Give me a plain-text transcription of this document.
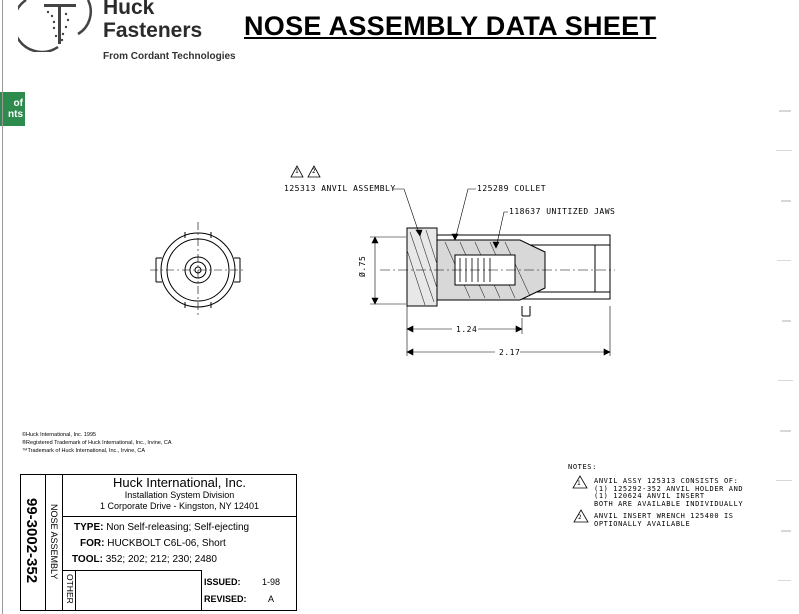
Huck
Fasteners
From Cordant Technologies
NOSE ASSEMBLY DATA SHEET
of
nts
1 2
125313 ANVIL ASSEMBLY	125289 COLLET
118637 UNITIZED JAWS
Ø.75
1.24
2.17
©Huck International, Inc. 1995
®Registered Trademark of Huck International, Inc., Irvine, CA
™Trademark of Huck International, Inc., Irvine, CA
99-3002-352 NOSE ASSEMBLY
OTHER
Huck International, Inc.
Installation System Division
1 Corporate Drive - Kingston, NY 12401
TYPE: Non Self-releasing; Self-ejecting
FOR: HUCKBOLT C6L-06, Short
TOOL: 352; 202; 212; 230; 2480
ISSUED: 1-98
REVISED: A
NOTES:
1 ANVIL ASSY 125313 CONSISTS OF:
(1) 125292-352 ANVIL HOLDER AND
(1) 120624 ANVIL INSERT
BOTH ARE AVAILABLE INDIVIDUALLY
2 ANVIL INSERT WRENCH 125400 IS
OPTIONALLY AVAILABLE
